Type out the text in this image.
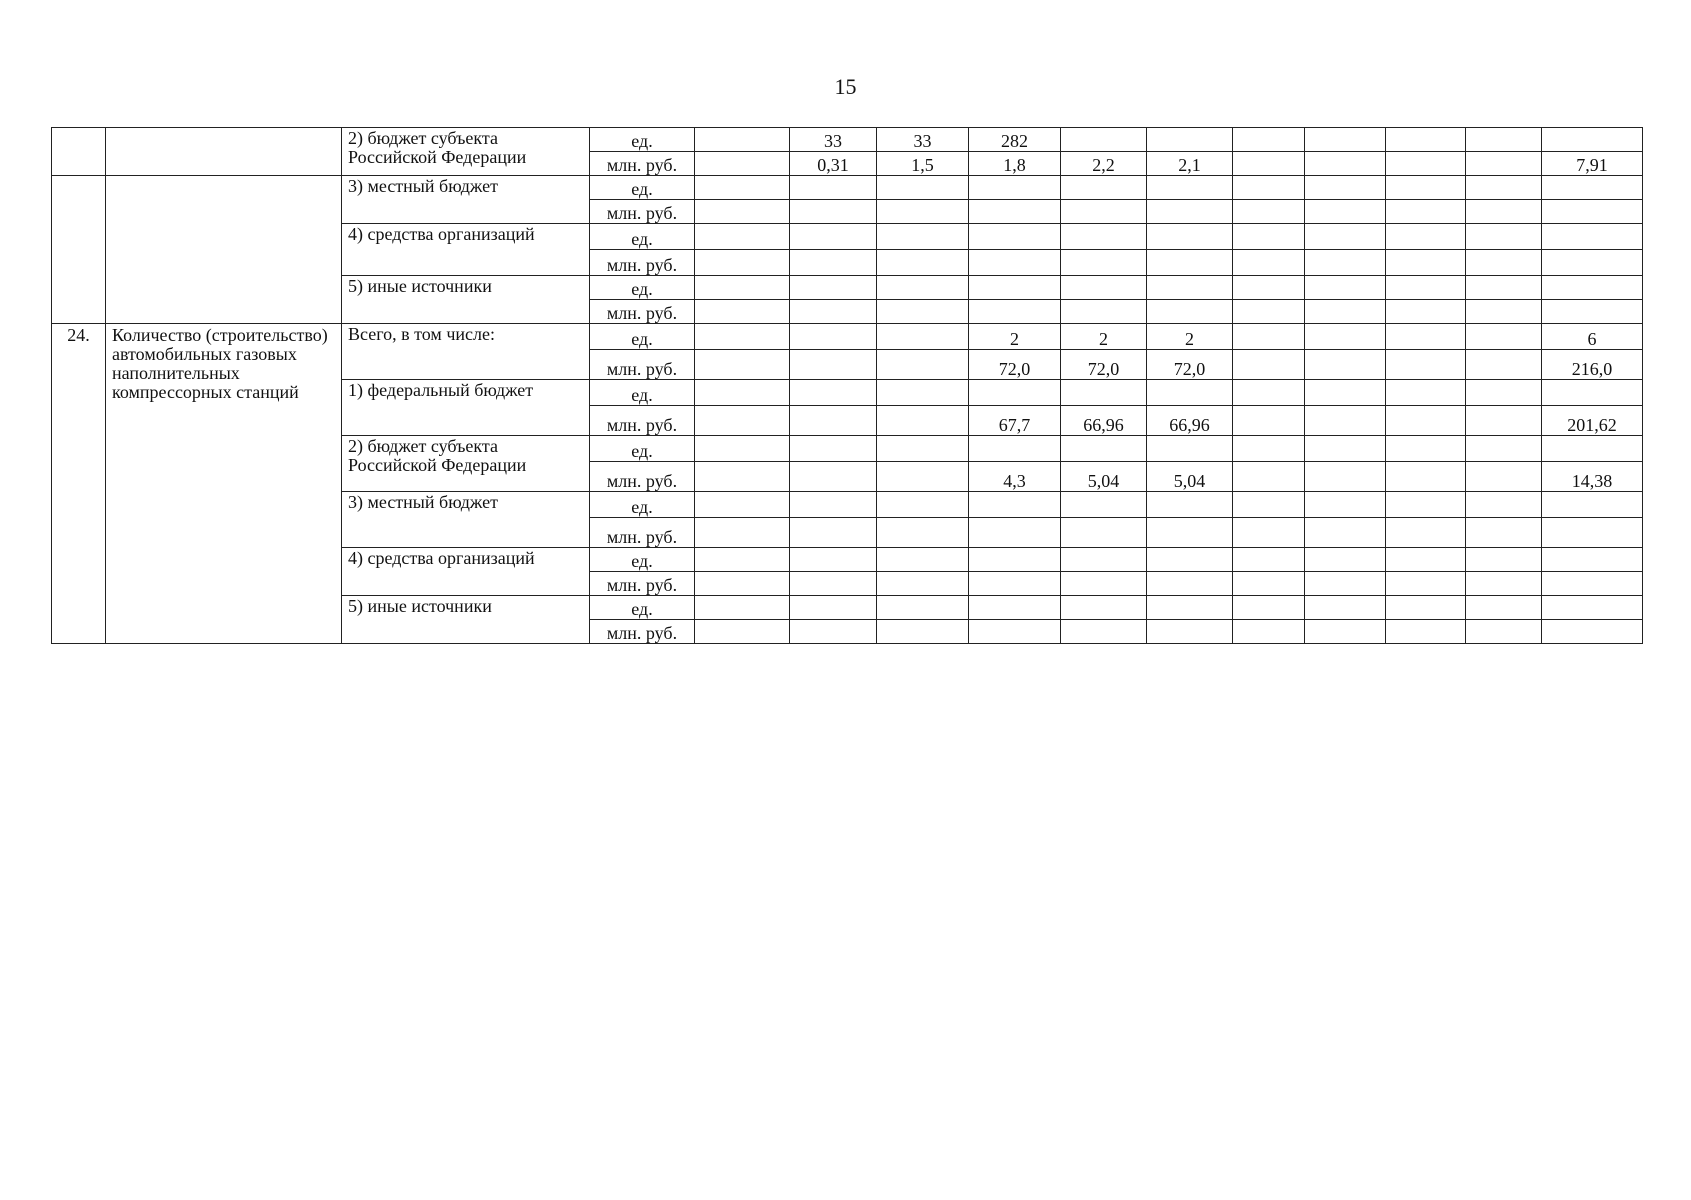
15
		2) бюджет субъекта Российской Федерации	ед.		33	33	282							
			млн. руб.		0,31	1,5	1,8	2,2	2,1					7,91
		3) местный бюджет	ед.											
			млн. руб.											
		4) средства организаций	ед.											
			млн. руб.											
		5) иные источники	ед.											
			млн. руб.											
24.	Количество (строительство) автомобильных газовых наполнительных компрессорных станций	Всего, в том числе:	ед.				2	2	2					6
			млн. руб.				72,0	72,0	72,0					216,0
		1) федеральный бюджет	ед.											
			млн. руб.				67,7	66,96	66,96					201,62
		2) бюджет субъекта Российской Федерации	ед.											
			млн. руб.				4,3	5,04	5,04					14,38
		3) местный бюджет	ед.											
			млн. руб.											
		4) средства организаций	ед.											
			млн. руб.											
		5) иные источники	ед.											
			млн. руб.											
